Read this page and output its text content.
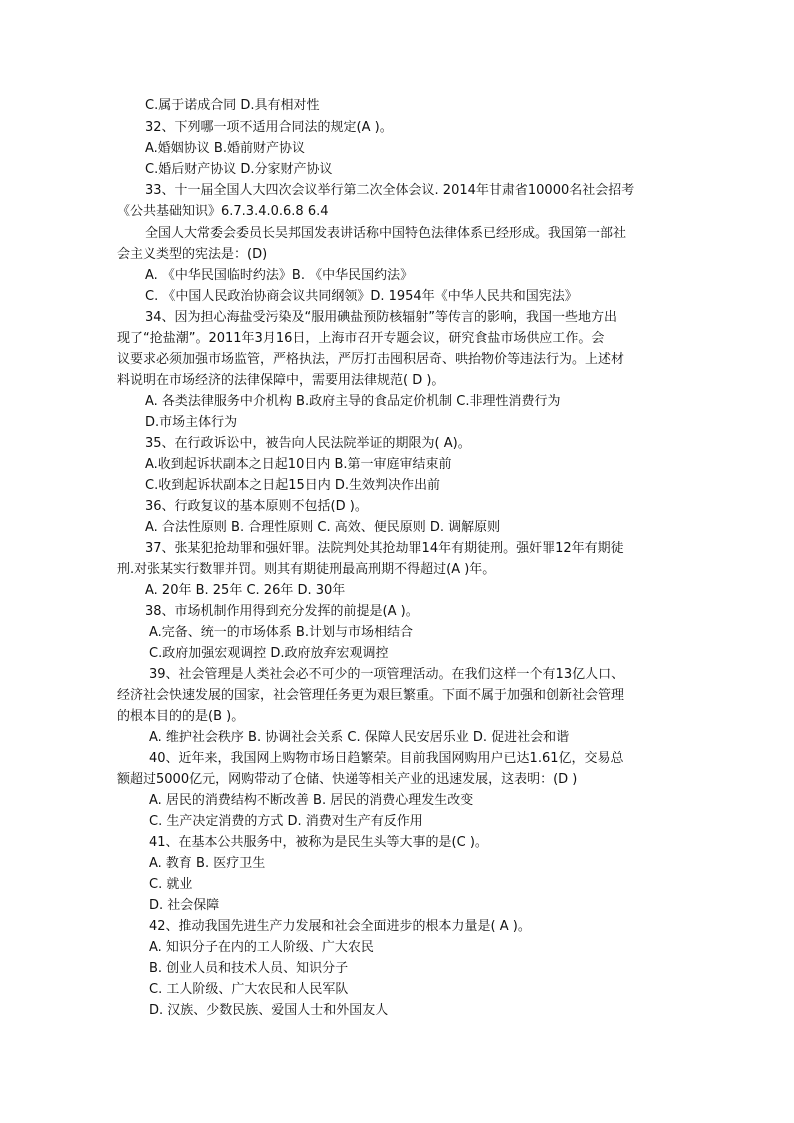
C.属于诺成合同 D.具有相对性
32、下列哪一项不适用合同法的规定(A )。
A.婚姻协议 B.婚前财产协议
C.婚后财产协议 D.分家财产协议
33、十一届全国人大四次会议举行第二次全体会议. 2014年甘肃省10000名社会招考
《公共基础知识》6.7.3.4.0.6.8 6.4
全国人大常委会委员长吴邦国发表讲话称中国特色法律体系已经形成。我国第一部社
会主义类型的宪法是：(D)
A. 《中华民国临时约法》B. 《中华民国约法》
C. 《中国人民政治协商会议共同纲领》D. 1954年《中华人民共和国宪法》
34、因为担心海盐受污染及“服用碘盐预防核辐射”等传言的影响，我国一些地方出
现了“抢盐潮”。2011年3月16日，上海市召开专题会议，研究食盐市场供应工作。会
议要求必须加强市场监管，严格执法，严厉打击囤积居奇、哄抬物价等违法行为。上述材
料说明在市场经济的法律保障中，需要用法律规范( D )。
A. 各类法律服务中介机构 B.政府主导的食品定价机制 C.非理性消费行为
D.市场主体行为
35、在行政诉讼中，被告向人民法院举证的期限为( A)。
A.收到起诉状副本之日起10日内 B.第一审庭审结束前
C.收到起诉状副本之日起15日内 D.生效判决作出前
36、行政复议的基本原则不包括(D )。
A. 合法性原则 B. 合理性原则 C. 高效、便民原则 D. 调解原则
37、张某犯抢劫罪和强奸罪。法院判处其抢劫罪14年有期徒刑。强奸罪12年有期徒
刑.对张某实行数罪并罚。则其有期徒刑最高刑期不得超过(A )年。
A. 20年 B. 25年 C. 26年 D. 30年
38、市场机制作用得到充分发挥的前提是(A )。
A.完备、统一的市场体系 B.计划与市场相结合
C.政府加强宏观调控 D.政府放弃宏观调控
39、社会管理是人类社会必不可少的一项管理活动。在我们这样一个有13亿人口、
经济社会快速发展的国家，社会管理任务更为艰巨繁重。下面不属于加强和创新社会管理
的根本目的的是(B )。
A. 维护社会秩序 B. 协调社会关系 C. 保障人民安居乐业 D. 促进社会和谐
40、近年来，我国网上购物市场日趋繁荣。目前我国网购用户已达1.61亿，交易总
额超过5000亿元，网购带动了仓储、快递等相关产业的迅速发展，这表明：(D )
A. 居民的消费结构不断改善 B. 居民的消费心理发生改变
C. 生产决定消费的方式 D. 消费对生产有反作用
41、在基本公共服务中，被称为是民生头等大事的是(C )。
A. 教育 B. 医疗卫生
C. 就业
D. 社会保障
42、推动我国先进生产力发展和社会全面进步的根本力量是( A )。
A. 知识分子在内的工人阶级、广大农民
B. 创业人员和技术人员、知识分子
C. 工人阶级、广大农民和人民军队
D. 汉族、少数民族、爱国人士和外国友人
